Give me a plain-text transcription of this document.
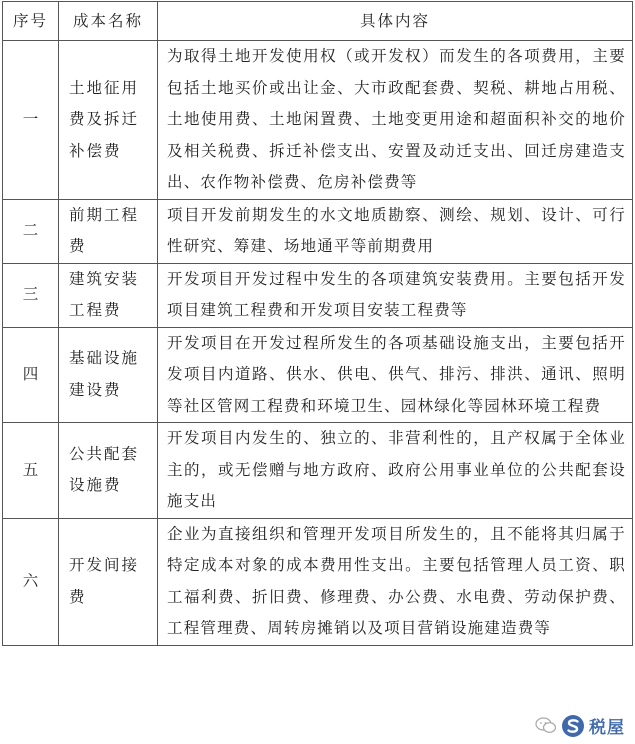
序号	成本名称	具体内容
一	土地征用费及拆迁补偿费	为取得土地开发使用权（或开发权）而发生的各项费用，主要包括土地买价或出让金、大市政配套费、契税、耕地占用税、土地使用费、土地闲置费、土地变更用途和超面积补交的地价及相关税费、拆迁补偿支出、安置及动迁支出、回迁房建造支出、农作物补偿费、危房补偿费等
二	前期工程费	项目开发前期发生的水文地质勘察、测绘、规划、设计、可行性研究、筹建、场地通平等前期费用
三	建筑安装工程费	开发项目开发过程中发生的各项建筑安装费用。主要包括开发项目建筑工程费和开发项目安装工程费等
四	基础设施建设费	开发项目在开发过程所发生的各项基础设施支出，主要包括开发项目内道路、供水、供电、供气、排污、排洪、通讯、照明等社区管网工程费和环境卫生、园林绿化等园林环境工程费
五	公共配套设施费	开发项目内发生的、独立的、非营利性的，且产权属于全体业主的，或无偿赠与地方政府、政府公用事业单位的公共配套设施支出
六	开发间接费	企业为直接组织和管理开发项目所发生的，且不能将其归属于特定成本对象的成本费用性支出。主要包括管理人员工资、职工福利费、折旧费、修理费、办公费、水电费、劳动保护费、工程管理费、周转房摊销以及项目营销设施建造费等
税屋
